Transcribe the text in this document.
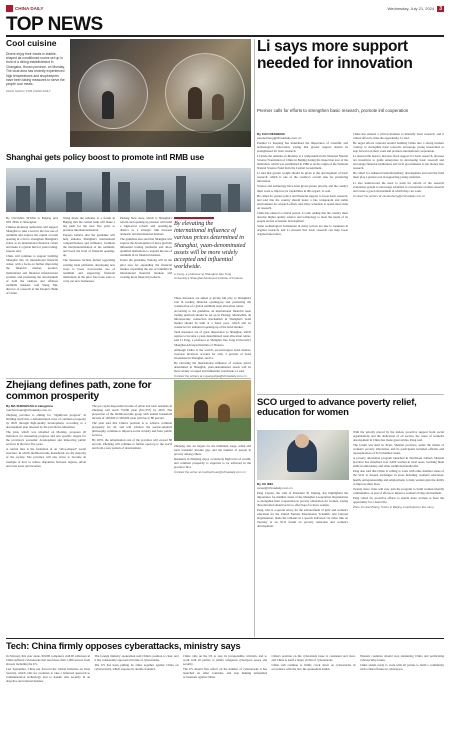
CHINA DAILY	Wednesday, July 21, 2024	3
TOP NEWS
Cool cuisine
Diners enjoy their meals in bubble-shaped air-conditioned rooms set up in front of a dining establishment in Changsha, Hunan province, on Monday. The local area has recently experienced high temperatures and shopkeepers have been taking measures to serve the people cool meals.
ZHAO SHUAI / FOR CHINA DAILY
Li says more support needed for innovation
Premier calls for efforts to strengthen basic research, promote intl cooperation
By CAO DESHENG
caodesheng@chinadaily.com.cn

Premier Li Keqiang has underlined the importance of scientific and technological innovation, saying that greater support should be strengthened for basic research.

Li made the remarks on Monday at a symposium in the National Natural Science Foundation of China in Beijing during his inspection tour of the institution, which was established in 1986 to be the origin of the National Natural Science Fund from the Central Government.

Li said that greater weight should be given to the development of basic research, which is one of the country's overall task for promoting innovation.

Science and technology have been given greater priority, and the country must work to improve its capabilities in this regard, Li said.

He called for greater policy and financial support to boost basic research, and said that the country should foster a fair, transparent and stable environment for research efforts and allow scientists to spend more time on research.

China has entered a critical period, Li said, adding that the country must develop higher quality science and technology to meet the needs of its people and its economic development.

Some technological bottlenecks in many sectors are due to weakness in original research, and Li stressed that basic research can help boost original innovation.

China has entered a critical moment to intensify basic research, and it cannot afford to miss the opportunity, Li said.

He urged efforts centered around building China into a strong modern country, to strengthen basic research, encourage young researchers to step forward on their work and promote international cooperation.

Li stressed the need to increase fiscal support for basic research, increase tax incentives to guide enterprises in developing basic research and encourage financial institutions and local governments to put money into research.

He called for enhanced interdisciplinary development and said the fund must play a greater role in supporting young scientists.

Li also underscored the need to push for reform of the research evaluation system to encourage scientists to concentrate on their research and create a good environment in which they can work.

Contact the writers at caodesheng@chinadaily.com.cn
Shanghai gets policy boost to promote intl RMB use
By OUYANG SHIJIA in Beijing and SHI JING in Shanghai

Chinese monetary authorities will support Shanghai to take a lead in the free use of renminbi and explore the capital account opening in a bid to strengthen Shanghai's status as an international financial center and make it a global hub for yuan trading, experts said.

China will continue to support building Shanghai into an international financial center, with a focus on further improving the financial market, product, institutional and financial infrastructure systems, and promoting the development of both the onshore and offshore renminbi markets, said Wang Xin, director of research at the People's Bank of China.

Wang made the remarks at a forum in Beijing that the central bank will make a big push for the next five years to promote internationalization.

Experts believe that the guideline will help enhance Shanghai's international competitiveness and influence, facilitate the internationalization of the renminbi, and boost the level of financial opening-up.

The measures include further upgrading existing trade platforms, developing new ways to boost cross-border use of renminbi and supporting financial institutions in the pilot free trade zone to carry out new businesses.

Pudong New Area, which is Shanghai's reform and opening-up pioneer, will build a high-level reform and opening-up district as a strategic link between domestic and international markets.

The guideline also said that Shanghai will explore the development of more globally influential trading platforms and allow qualified institutions to expand the use of renminbi in its financial markets.

Under the guideline, Pudong will be the pilot area for expanding the financial market, expanding the use of renminbi in international financial markets and creating more financial products.

By elevating the international influence of various prices determined in Shanghai, yuan-denominated assets will be more widely accepted and influential worldwide.
Li Feng, a professor at Shanghai Jiao Tong University's Shanghai Advanced Institute of Finance

These measures are aimed at giving full play to Shanghai's role in leading financial opening-up and promoting the construction of a global renminbi asset allocation center.

According to the guideline, an international financial asset trading platform should be set up in Pudong. Meanwhile, an infrastructure connection mechanism in Shanghai's bond market should be built at a faster pace, which will be conducive for enhanced opening-up of the bond market.

Such measures are of great importance to Shanghai, which aspires to become a yuan-denominated asset allocation center, said Li Feng, a professor at Shanghai Jiao Tong University's Shanghai Advanced Institute of Finance.

Although China is the world's second-largest bond market, overseas investors account for only 3 percent of bond investment in Shanghai, said Li.

By elevating the international influence of various prices determined in Shanghai, yuan-denominated assets will be more widely accepted and influential worldwide, Li said.

Contact the writers at ouyangshijia@chinadaily.com.cn
Zhejiang defines path, zone for common prosperity
By MA ZHENHUAN in Hangzhou
mazhenhuan@chinadaily.com.cn

Zhejiang province is aiming for "significant progress" in building itself into a demonstration zone of common prosperity by 2025 through high-quality development, according to a development plan released by the provincial authorities.

The plan, which was unveiled on Monday, proposes 20 indicators for measuring progress and sets specific targets for the province's economic development and improving public services in the next five years.

A central idea is the formation of an "olive-shaped" social structure, in which middle-income households are the majority of the society. The province will also strive to become an example of how to reduce disparities between regions, urban and rural areas and incomes.

The per capita disposable income of urban and rural residents in Zhejiang will reach 75,000 yuan ($11,557) by 2025. The proportion of the middle-income group with annual household income of 100,000 to 500,000 yuan will rise to 80 percent.

The plan said that China's position is to achieve common prosperity for all, and will advance the people-oriented philosophy, continue to improve social security and basic public services.

By 2035, the urbanization rate of the province will exceed 80 percent. Zhejiang will continue to further open up to the world and form a new pattern of development.

Zhejiang also set targets for the minimum wage, urban and rural residents' income gap, and the number of people in poverty among others.

Residents in Zhejiang enjoy a relatively high level of wealth, and common prosperity is expected to be achieved in the province first.

Contact the writer at mazhenhuan@chinadaily.com.cn
SCO urged to advance poverty relief, education for women
By XU WEI
xuwei@chinadaily.com.cn

Peng Liyuan, the wife of President Xi Jinping, has highlighted the importance for member states of the Shanghai Cooperation Organization to strengthen their cooperation in poverty alleviation for women, saying that education should serve to offer hope for more women.

Peng, who is a special envoy for the advancement of girls' and women's education for the United Nations Educational, Scientific and Cultural Organization, made the remarks in a speech delivered via video link on Tuesday at an SCO forum on poverty reduction and women's development.

With the priority placed by the nation, proactive support from social organizations and the dedication of all sectors, the cause of women's development in China has made great strides, Peng said.

The forum was held in Xi'an, Shaanxi province, under the theme of women's poverty alleviation, and its participants included officials and representatives of SCO member states.

A poverty alleviation program launched in Northwest China's Shaanxi province has benefited over 2,000 women in rural areas, teaching them skills in embroidery and other traditional handicrafts.

Peng also said that China is willing to work with other member states of the SCO to deepen exchanges in areas including women's education, health, entrepreneurship and employment, to help women gain the ability to improve their lives.

Twenty more cities will now join the program to build women-friendly communities, as part of efforts to improve women's living environment.

Peng called for proactive efforts to enable more women to have the opportunity for a better life.

Zhou Jin and Zhang Yuzhu in Beijing contributed to this story.
Tech: China firmly opposes cyberattacks, ministry says

In February this year alone, 90,000 computers with IP addresses in China suffered cyberattacks that used more than 1,000 servers from abroad, including the US.

Last September, China put forward the Global Initiative on Data Security, which calls for countries to take a balanced approach to communication technology and to handle data security in an objective and rational manner.

The foreign ministry spokesman said China's position is clear, and it has consistently opposed all forms of cyberattacks.

The US has been pulling its allies together against China on cybersecurity, which exposes its double standard.

China calls on the US to stop its irresponsible criticism, and to work with all parties to jointly safeguard cyberspace peace and security.

The US should first reflect on the number of cyberattacks it has launched on other countries, and stop making unfounded accusations against China.

China's position on the cyberattack issue is consistent and clear, and China is itself a major victim of cyberattacks.

China will continue to firmly crack down on cyberattacks in accordance with the law, the spokesman added.

Western countries should stop slandering China and politicizing cybersecurity issues.

China stands ready to work with all parties to build a community with a shared future in cyberspace.
